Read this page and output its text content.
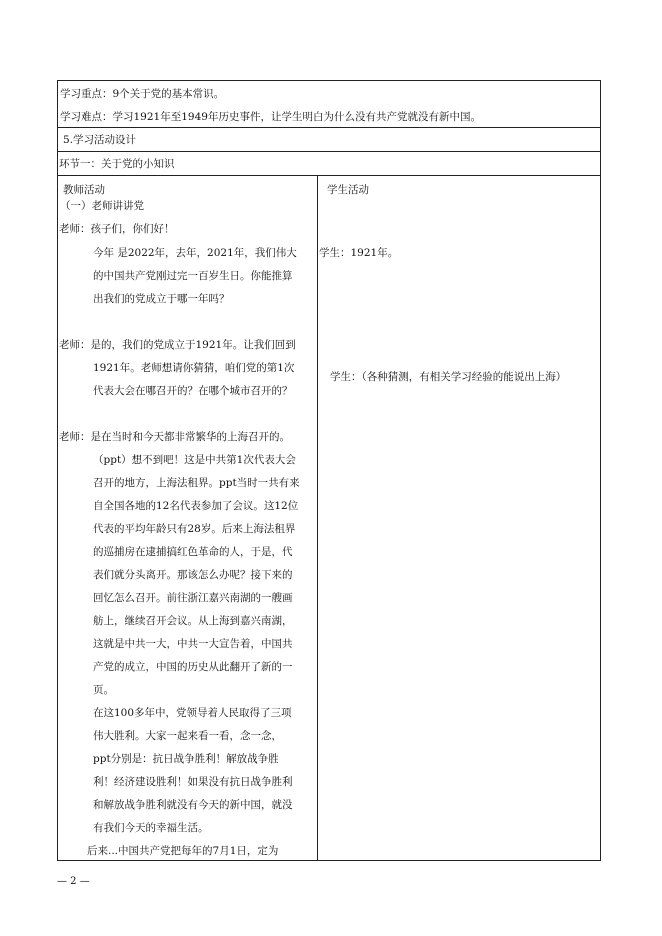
学习重点：9个关于党的基本常识。
学习难点：学习1921年至1949年历史事件，让学生明白为什么没有共产党就没有新中国。
5.学习活动设计
环节一：关于党的小知识
教师活动
（一）老师讲讲党
学生活动
老师：孩子们，你们好！
今年 是2022年，去年，2021年，我们伟大
的中国共产党刚过完一百岁生日。你能推算
出我们的党成立于哪一年吗？
老师：是的，我们的党成立于1921年。让我们回到
1921年。老师想请你猜猜，咱们党的第1次
代表大会在哪召开的？在哪个城市召开的？
老师：是在当时和今天都非常繁华的上海召开的。
（ppt）想不到吧！这是中共第1次代表大会
召开的地方，上海法租界。ppt当时一共有来
自全国各地的12名代表参加了会议。这12位
代表的平均年龄只有28岁。后来上海法租界
的巡捕房在逮捕搞红色革命的人，于是，代
表们就分头离开。那该怎么办呢？接下来的
回忆怎么召开。前往浙江嘉兴南湖的一艘画
舫上，继续召开会议。从上海到嘉兴南湖，
这就是中共一大，中共一大宣告着，中国共
产党的成立，中国的历史从此翻开了新的一
页。
在这100多年中，党领导着人民取得了三项
伟大胜利。大家一起来看一看，念一念，
ppt分别是：抗日战争胜利！解放战争胜
利！经济建设胜利！如果没有抗日战争胜利
和解放战争胜利就没有今天的新中国，就没
有我们今天的幸福生活。
后来...中国共产党把每年的7月1日，定为
学生：1921年。
学生：（各种猜测，有相关学习经验的能说出上海）
— 2 —
